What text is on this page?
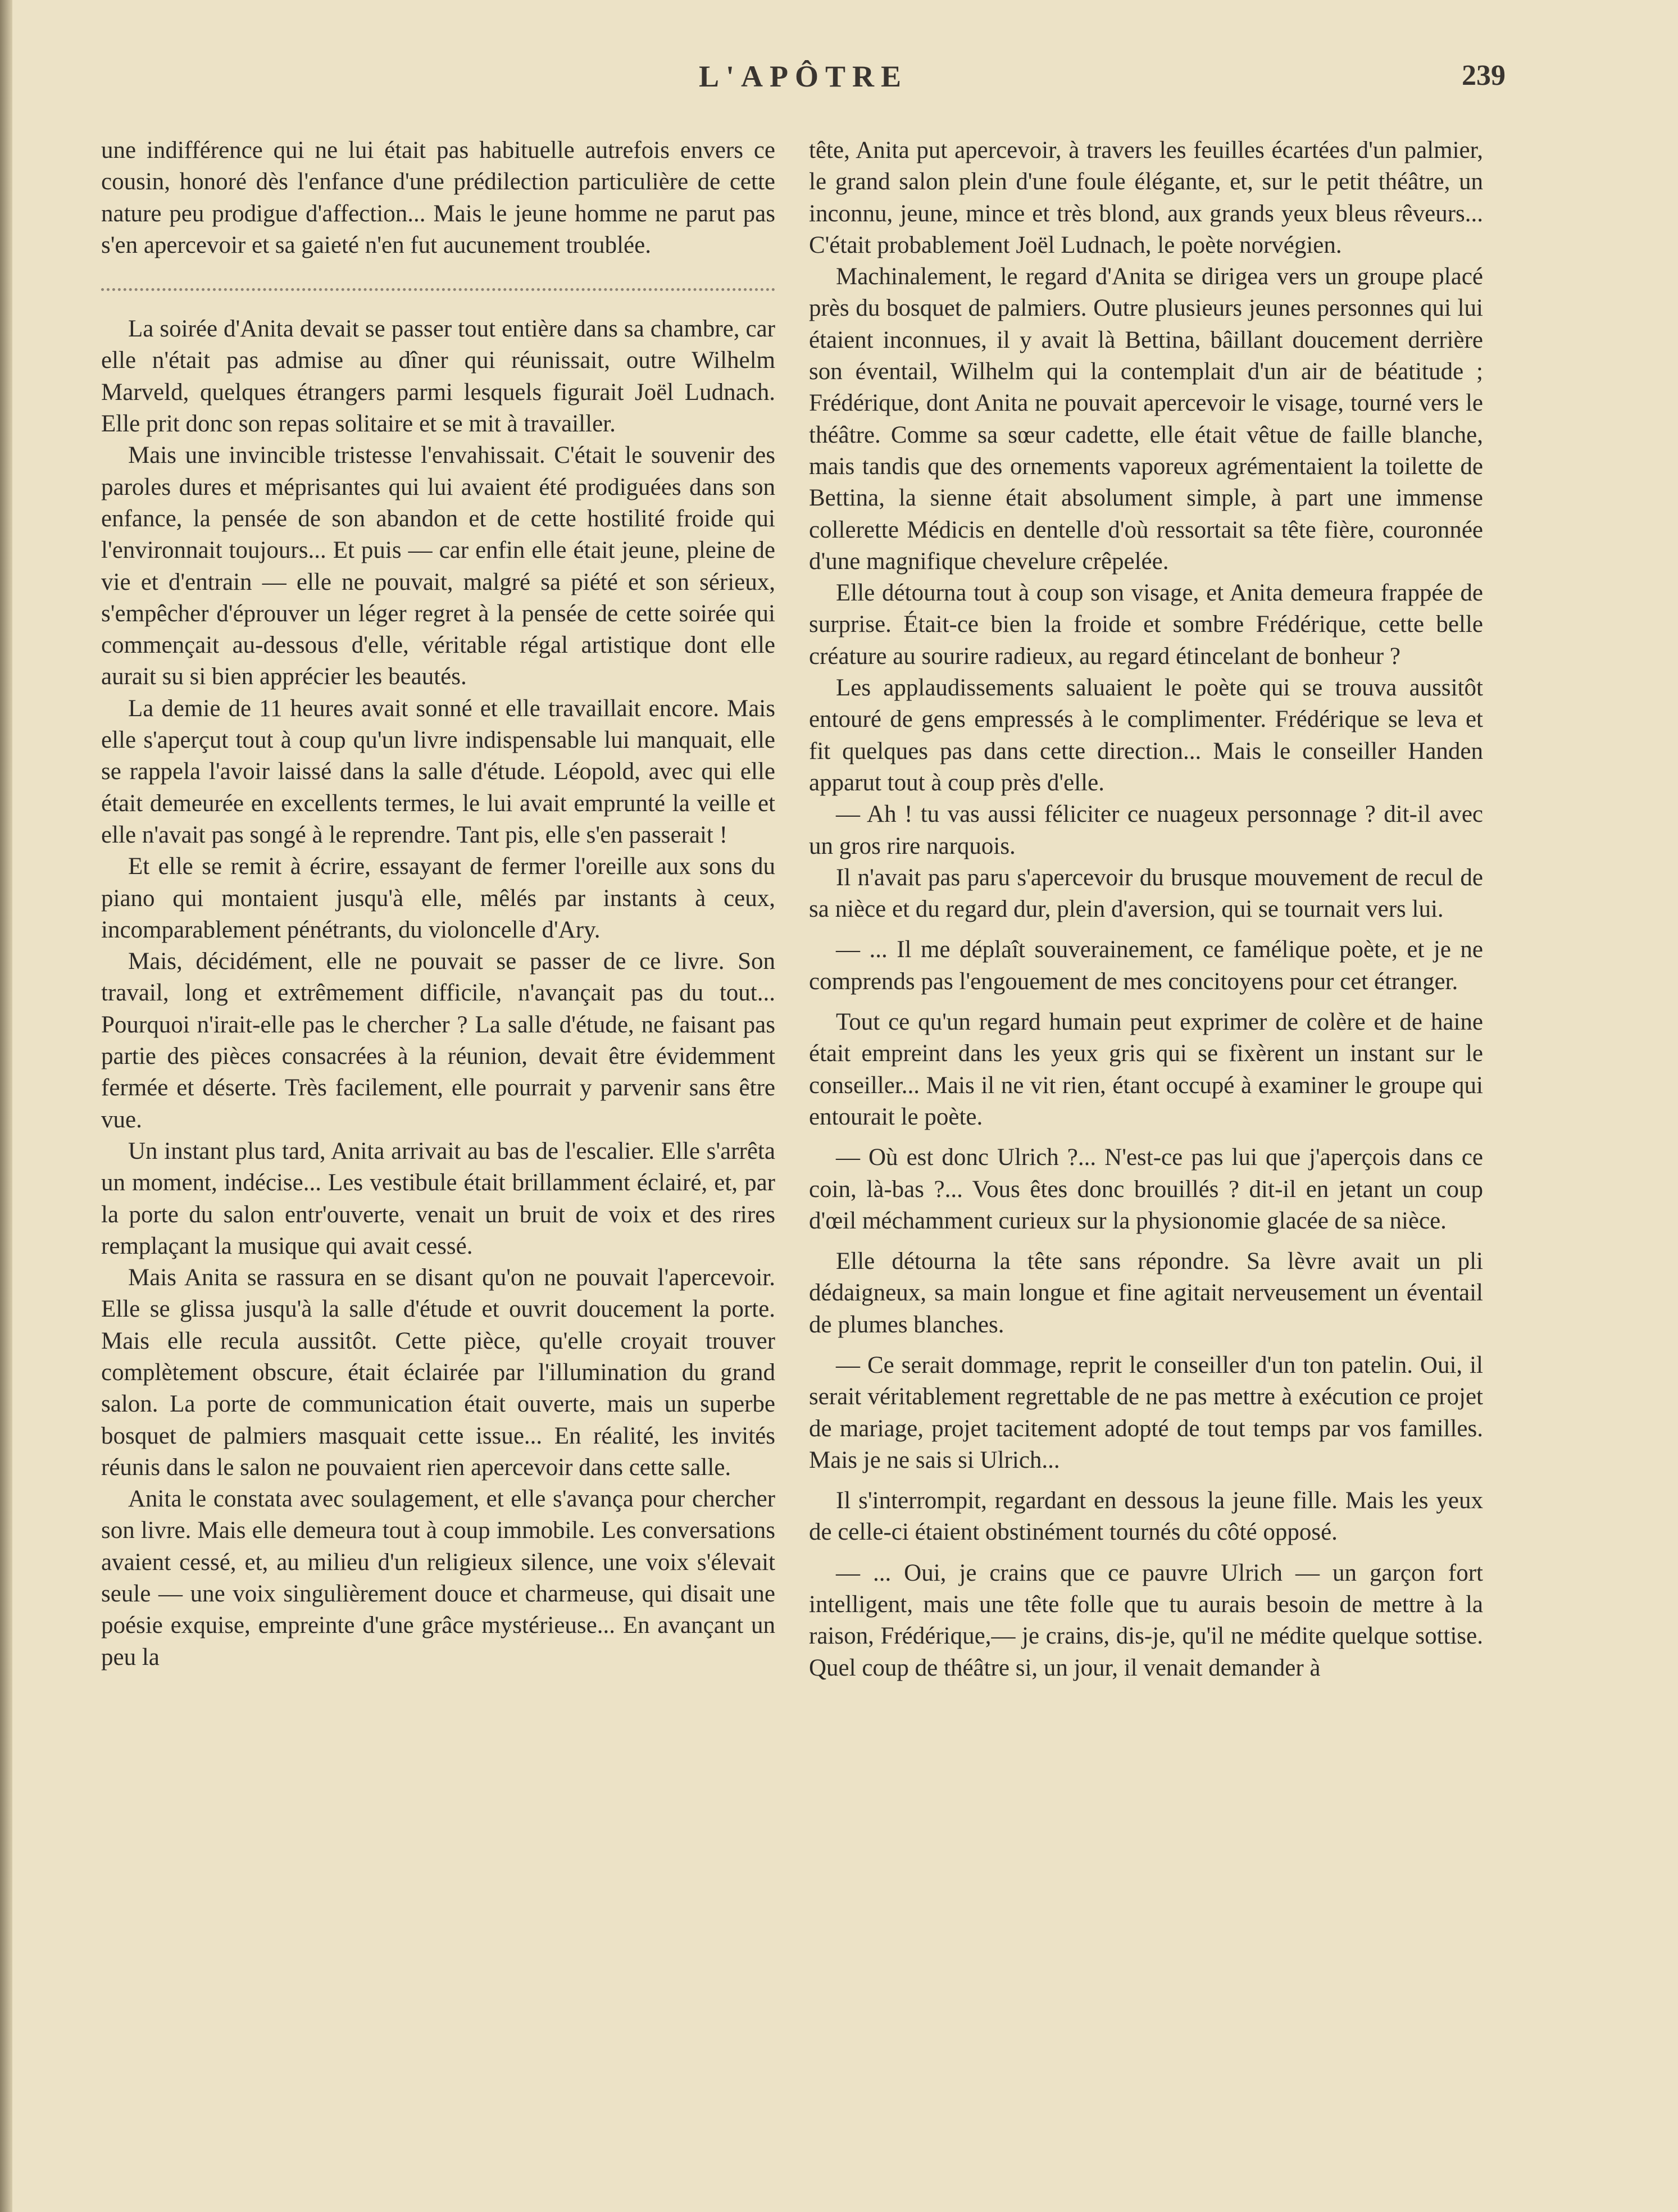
L'APÔTRE	239

une indifférence qui ne lui était pas habituelle autrefois envers ce cousin, honoré dès l'enfance d'une prédilection particulière de cette nature peu prodigue d'affection... Mais le jeune homme ne parut pas s'en apercevoir et sa gaieté n'en fut aucunement troublée.

La soirée d'Anita devait se passer tout entière dans sa chambre, car elle n'était pas admise au dîner qui réunissait, outre Wilhelm Marveld, quelques étrangers parmi lesquels figurait Joël Ludnach. Elle prit donc son repas solitaire et se mit à travailler.

Mais une invincible tristesse l'envahissait. C'était le souvenir des paroles dures et méprisantes qui lui avaient été prodiguées dans son enfance, la pensée de son abandon et de cette hostilité froide qui l'environnait toujours... Et puis — car enfin elle était jeune, pleine de vie et d'entrain — elle ne pouvait, malgré sa piété et son sérieux, s'empêcher d'éprouver un léger regret à la pensée de cette soirée qui commençait au-dessous d'elle, véritable régal artistique dont elle aurait su si bien apprécier les beautés.

La demie de 11 heures avait sonné et elle travaillait encore. Mais elle s'aperçut tout à coup qu'un livre indispensable lui manquait, elle se rappela l'avoir laissé dans la salle d'étude. Léopold, avec qui elle était demeurée en excellents termes, le lui avait emprunté la veille et elle n'avait pas songé à le reprendre. Tant pis, elle s'en passerait !

Et elle se remit à écrire, essayant de fermer l'oreille aux sons du piano qui montaient jusqu'à elle, mêlés par instants à ceux, incomparablement pénétrants, du violoncelle d'Ary.

Mais, décidément, elle ne pouvait se passer de ce livre. Son travail, long et extrêmement difficile, n'avançait pas du tout... Pourquoi n'irait-elle pas le chercher ? La salle d'étude, ne faisant pas partie des pièces consacrées à la réunion, devait être évidemment fermée et déserte. Très facilement, elle pourrait y parvenir sans être vue.

Un instant plus tard, Anita arrivait au bas de l'escalier. Elle s'arrêta un moment, indécise... Les vestibule était brillamment éclairé, et, par la porte du salon entr'ouverte, venait un bruit de voix et des rires remplaçant la musique qui avait cessé.

Mais Anita se rassura en se disant qu'on ne pouvait l'apercevoir. Elle se glissa jusqu'à la salle d'étude et ouvrit doucement la porte. Mais elle recula aussitôt. Cette pièce, qu'elle croyait trouver complètement obscure, était éclairée par l'illumination du grand salon. La porte de communication était ouverte, mais un superbe bosquet de palmiers masquait cette issue... En réalité, les invités réunis dans le salon ne pouvaient rien apercevoir dans cette salle.

Anita le constata avec soulagement, et elle s'avança pour chercher son livre. Mais elle demeura tout à coup immobile. Les conversations avaient cessé, et, au milieu d'un religieux silence, une voix s'élevait seule — une voix singulièrement douce et charmeuse, qui disait une poésie exquise, empreinte d'une grâce mystérieuse... En avançant un peu la

tête, Anita put apercevoir, à travers les feuilles écartées d'un palmier, le grand salon plein d'une foule élégante, et, sur le petit théâtre, un inconnu, jeune, mince et très blond, aux grands yeux bleus rêveurs... C'était probablement Joël Ludnach, le poète norvégien.

Machinalement, le regard d'Anita se dirigea vers un groupe placé près du bosquet de palmiers. Outre plusieurs jeunes personnes qui lui étaient inconnues, il y avait là Bettina, bâillant doucement derrière son éventail, Wilhelm qui la contemplait d'un air de béatitude ; Frédérique, dont Anita ne pouvait apercevoir le visage, tourné vers le théâtre. Comme sa sœur cadette, elle était vêtue de faille blanche, mais tandis que des ornements vaporeux agrémentaient la toilette de Bettina, la sienne était absolument simple, à part une immense collerette Médicis en dentelle d'où ressortait sa tête fière, couronnée d'une magnifique chevelure crêpelée.

Elle détourna tout à coup son visage, et Anita demeura frappée de surprise. Était-ce bien la froide et sombre Frédérique, cette belle créature au sourire radieux, au regard étincelant de bonheur ?

Les applaudissements saluaient le poète qui se trouva aussitôt entouré de gens empressés à le complimenter. Frédérique se leva et fit quelques pas dans cette direction... Mais le conseiller Handen apparut tout à coup près d'elle.

— Ah ! tu vas aussi féliciter ce nuageux personnage ? dit-il avec un gros rire narquois.

Il n'avait pas paru s'apercevoir du brusque mouvement de recul de sa nièce et du regard dur, plein d'aversion, qui se tournait vers lui.

— ... Il me déplaît souverainement, ce famélique poète, et je ne comprends pas l'engouement de mes concitoyens pour cet étranger.

Tout ce qu'un regard humain peut exprimer de colère et de haine était empreint dans les yeux gris qui se fixèrent un instant sur le conseiller... Mais il ne vit rien, étant occupé à examiner le groupe qui entourait le poète.

— Où est donc Ulrich ?... N'est-ce pas lui que j'aperçois dans ce coin, là-bas ?... Vous êtes donc brouillés ? dit-il en jetant un coup d'œil méchamment curieux sur la physionomie glacée de sa nièce.

Elle détourna la tête sans répondre. Sa lèvre avait un pli dédaigneux, sa main longue et fine agitait nerveusement un éventail de plumes blanches.

— Ce serait dommage, reprit le conseiller d'un ton patelin. Oui, il serait véritablement regrettable de ne pas mettre à exécution ce projet de mariage, projet tacitement adopté de tout temps par vos familles. Mais je ne sais si Ulrich...

Il s'interrompit, regardant en dessous la jeune fille. Mais les yeux de celle-ci étaient obstinément tournés du côté opposé.

— ... Oui, je crains que ce pauvre Ulrich — un garçon fort intelligent, mais une tête folle que tu aurais besoin de mettre à la raison, Frédérique,— je crains, dis-je, qu'il ne médite quelque sottise. Quel coup de théâtre si, un jour, il venait demander à
